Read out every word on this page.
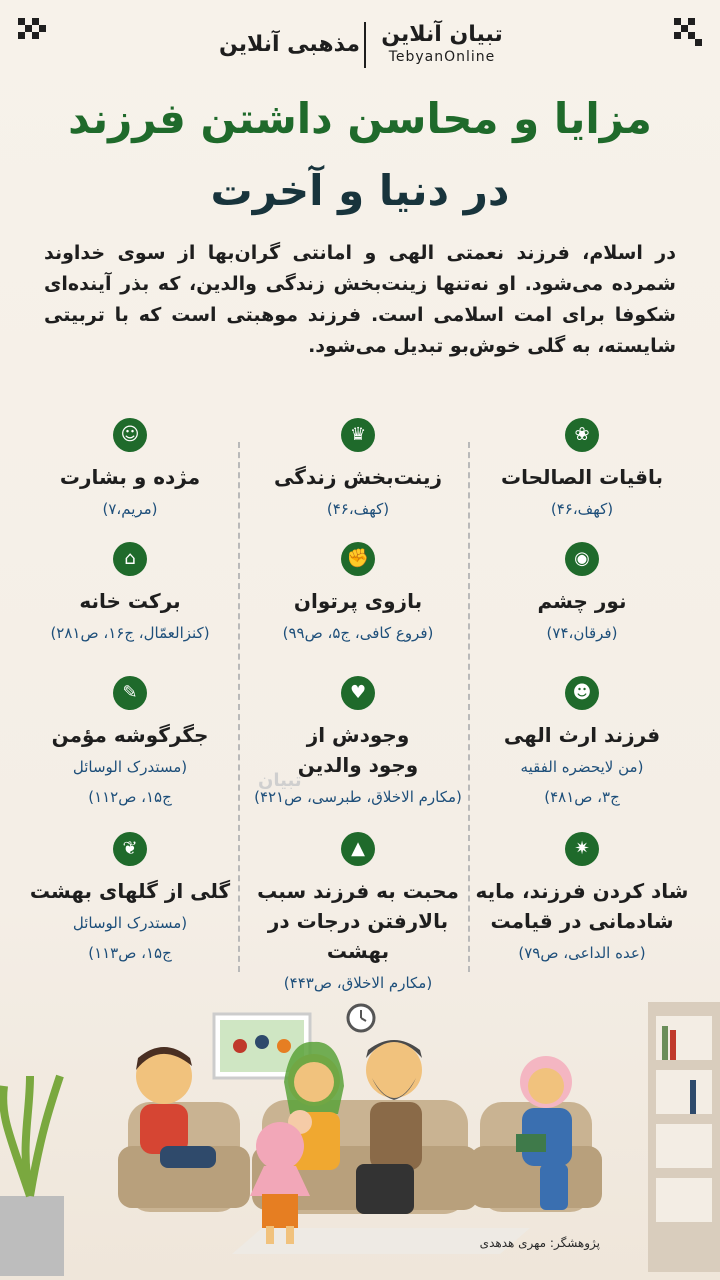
مذهبی آنلاین تبیان آنلاین
TebyanOnline
مزایا و محاسن داشتن فرزند
در دنیا و آخرت
در اسلام، فرزند نعمتی الهی و امانتی گران‌بها از سوی خداوند شمرده می‌شود. او نه‌تنها زینت‌بخش زندگی والدین، که بذر آینده‌ای شکوفا برای امت اسلامی است. فرزند موهبتی است که با تربیتی شایسته، به گلی خوش‌بو تبدیل می‌شود.
❀
باقیات الصالحات
(کهف،۴۶)
♛
زینت‌بخش زندگی
(کهف،۴۶)
☺
مژده و بشارت
(مریم،۷)
◉
نور چشم
(فرقان،۷۴)
✊
بازوی پرتوان
(فروع کافی، ج۵، ص۹۹)
⌂
برکت خانه
(کنزالعمّال، ج۱۶، ص۲۸۱)
☻
فرزند ارث الهی
(من لایحضره الفقیه
ج۳، ص۴۸۱)
♥
وجودش از
وجود والدین
(مکارم الاخلاق، طبرسی، ص۴۲۱)
✎
جگرگوشه مؤمن
(مستدرک الوسائل
ج۱۵، ص۱۱۲)
✷
شاد کردن فرزند، مایه
شادمانی در قیامت
(عده الداعی، ص۷۹)
▲
محبت به فرزند سبب
بالارفتن درجات در بهشت
(مکارم الاخلاق، ص۴۴۳)
❦
گلی از گلهای بهشت
(مستدرک الوسائل
ج۱۵، ص۱۱۳)
تبیان
پژوهشگر: مهری هدهدی
